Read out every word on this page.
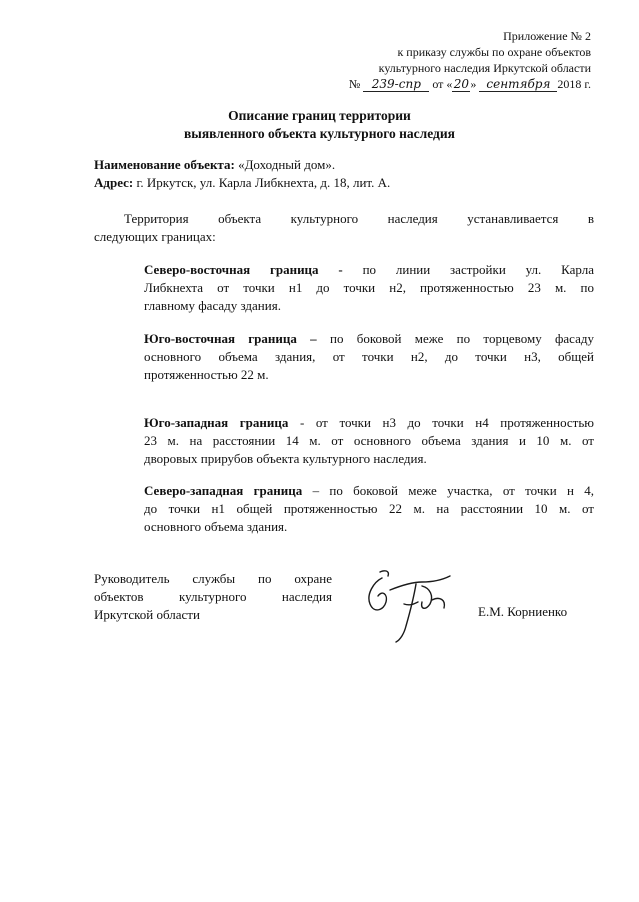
Приложение № 2
к приказу службы по охране объектов
культурного наследия Иркутской области
№ 239-спр от «20» сентября 2018 г.
Описание границ территории
выявленного объекта культурного наследия
Наименование объекта: «Доходный дом».
Адрес: г. Иркутск, ул. Карла Либкнехта, д. 18, лит. А.
Территория объекта культурного наследия устанавливается в
следующих границах:
Северо-восточная граница - по линии застройки ул. Карла
Либкнехта от точки н1 до точки н2, протяженностью 23 м. по
главному фасаду здания.
Юго-восточная граница – по боковой меже по торцевому фасаду
основного объема здания, от точки н2, до точки н3, общей
протяженностью 22 м.
Юго-западная граница - от точки н3 до точки н4 протяженностью
23 м. на расстоянии 14 м. от основного объема здания и 10 м. от
дворовых прирубов объекта культурного наследия.
Северо-западная граница – по боковой меже участка, от точки н 4,
до точки н1 общей протяженностью 22 м. на расстоянии 10 м. от
основного объема здания.
Руководитель службы по охране
объектов культурного наследия
Иркутской области	Е.М. Корниенко
